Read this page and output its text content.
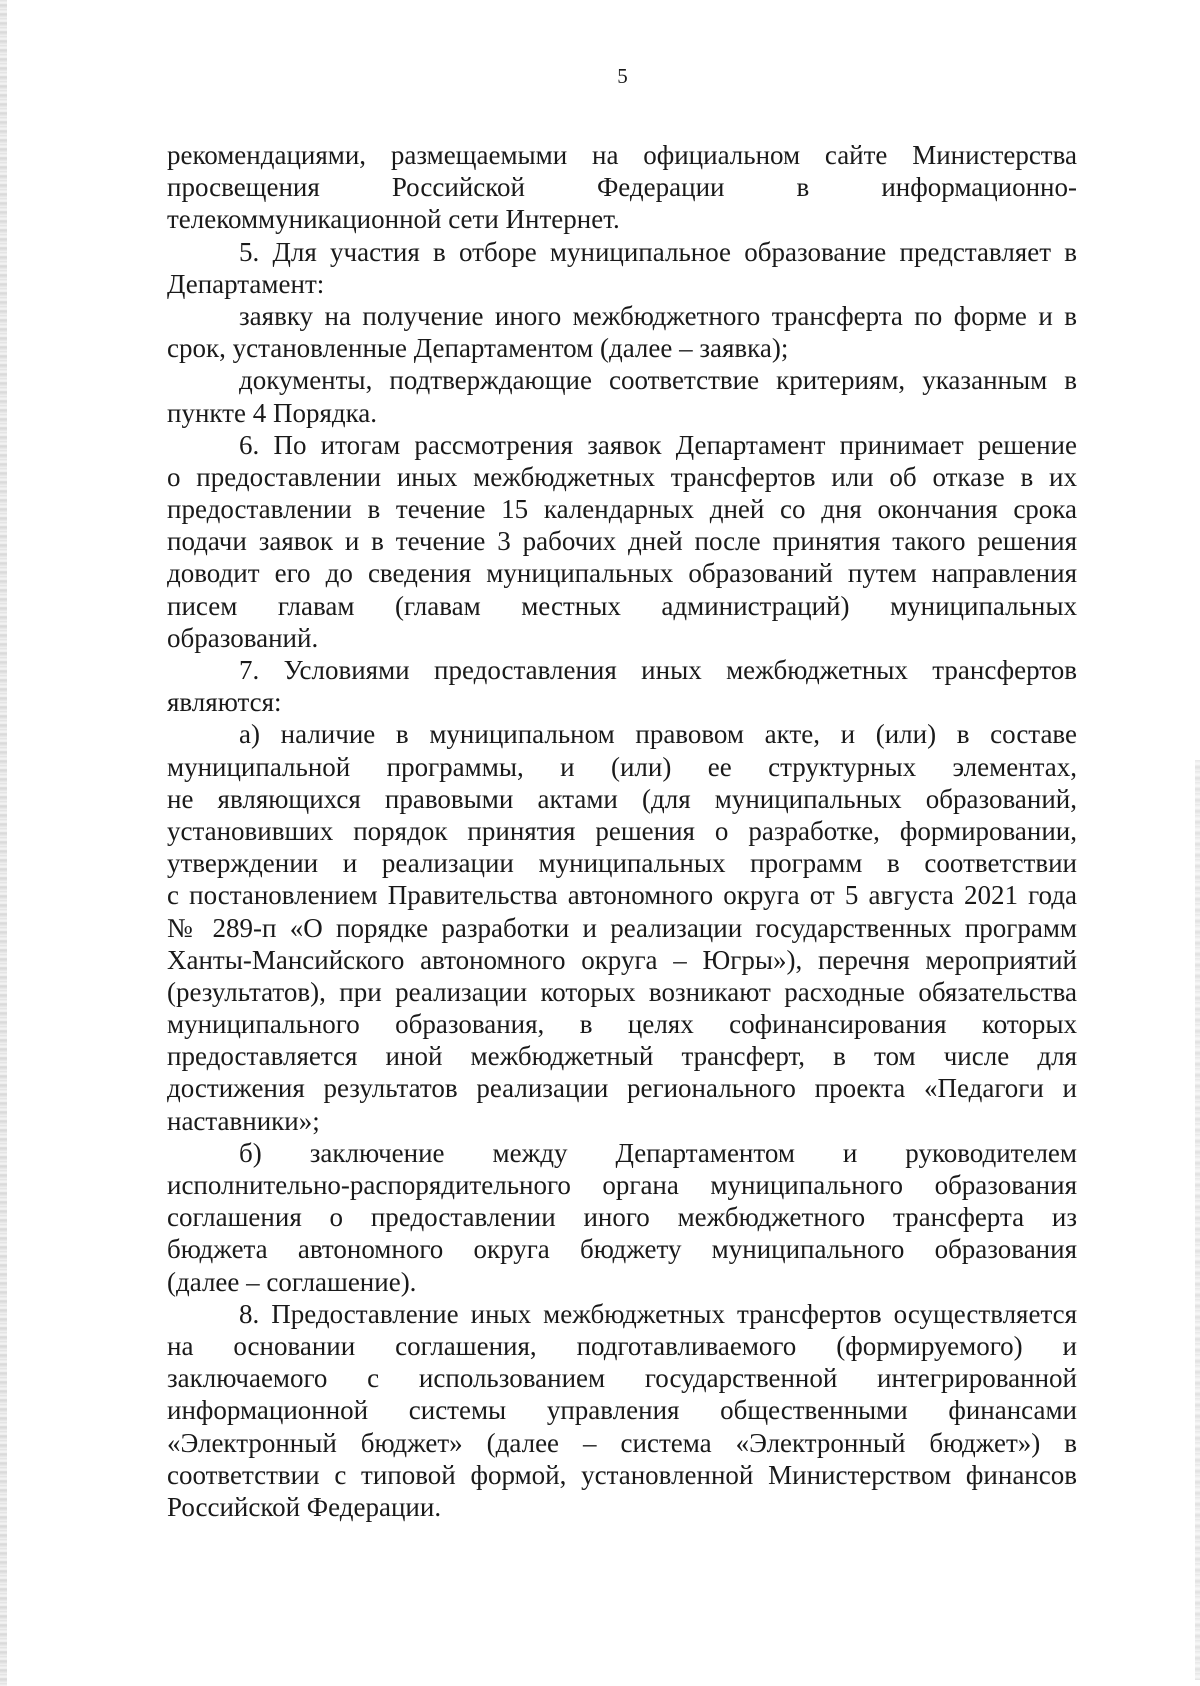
5
рекомендациями, размещаемыми на официальном сайте Министерства
просвещения Российской Федерации в информационно-
телекоммуникационной сети Интернет.
5. Для участия в отборе муниципальное образование представляет в
Департамент:
заявку на получение иного межбюджетного трансферта по форме и в
срок, установленные Департаментом (далее – заявка);
документы, подтверждающие соответствие критериям, указанным в
пункте 4 Порядка.
6. По итогам рассмотрения заявок Департамент принимает решение
о предоставлении иных межбюджетных трансфертов или об отказе в их
предоставлении в течение 15 календарных дней со дня окончания срока
подачи заявок и в течение 3 рабочих дней после принятия такого решения
доводит его до сведения муниципальных образований путем направления
писем главам (главам местных администраций) муниципальных
образований.
7. Условиями предоставления иных межбюджетных трансфертов
являются:
а) наличие в муниципальном правовом акте, и (или) в составе
муниципальной программы, и (или) ее структурных элементах,
не являющихся правовыми актами (для муниципальных образований,
установивших порядок принятия решения о разработке, формировании,
утверждении и реализации муниципальных программ в соответствии
с постановлением Правительства автономного округа от 5 августа 2021 года
№ 289-п «О порядке разработки и реализации государственных программ
Ханты-Мансийского автономного округа – Югры»), перечня мероприятий
(результатов), при реализации которых возникают расходные обязательства
муниципального образования, в целях софинансирования которых
предоставляется иной межбюджетный трансферт, в том числе для
достижения результатов реализации регионального проекта «Педагоги и
наставники»;
б) заключение между Департаментом и руководителем
исполнительно-распорядительного органа муниципального образования
соглашения о предоставлении иного межбюджетного трансферта из
бюджета автономного округа бюджету муниципального образования
(далее – соглашение).
8. Предоставление иных межбюджетных трансфертов осуществляется
на основании соглашения, подготавливаемого (формируемого) и
заключаемого с использованием государственной интегрированной
информационной системы управления общественными финансами
«Электронный бюджет» (далее – система «Электронный бюджет») в
соответствии с типовой формой, установленной Министерством финансов
Российской Федерации.
